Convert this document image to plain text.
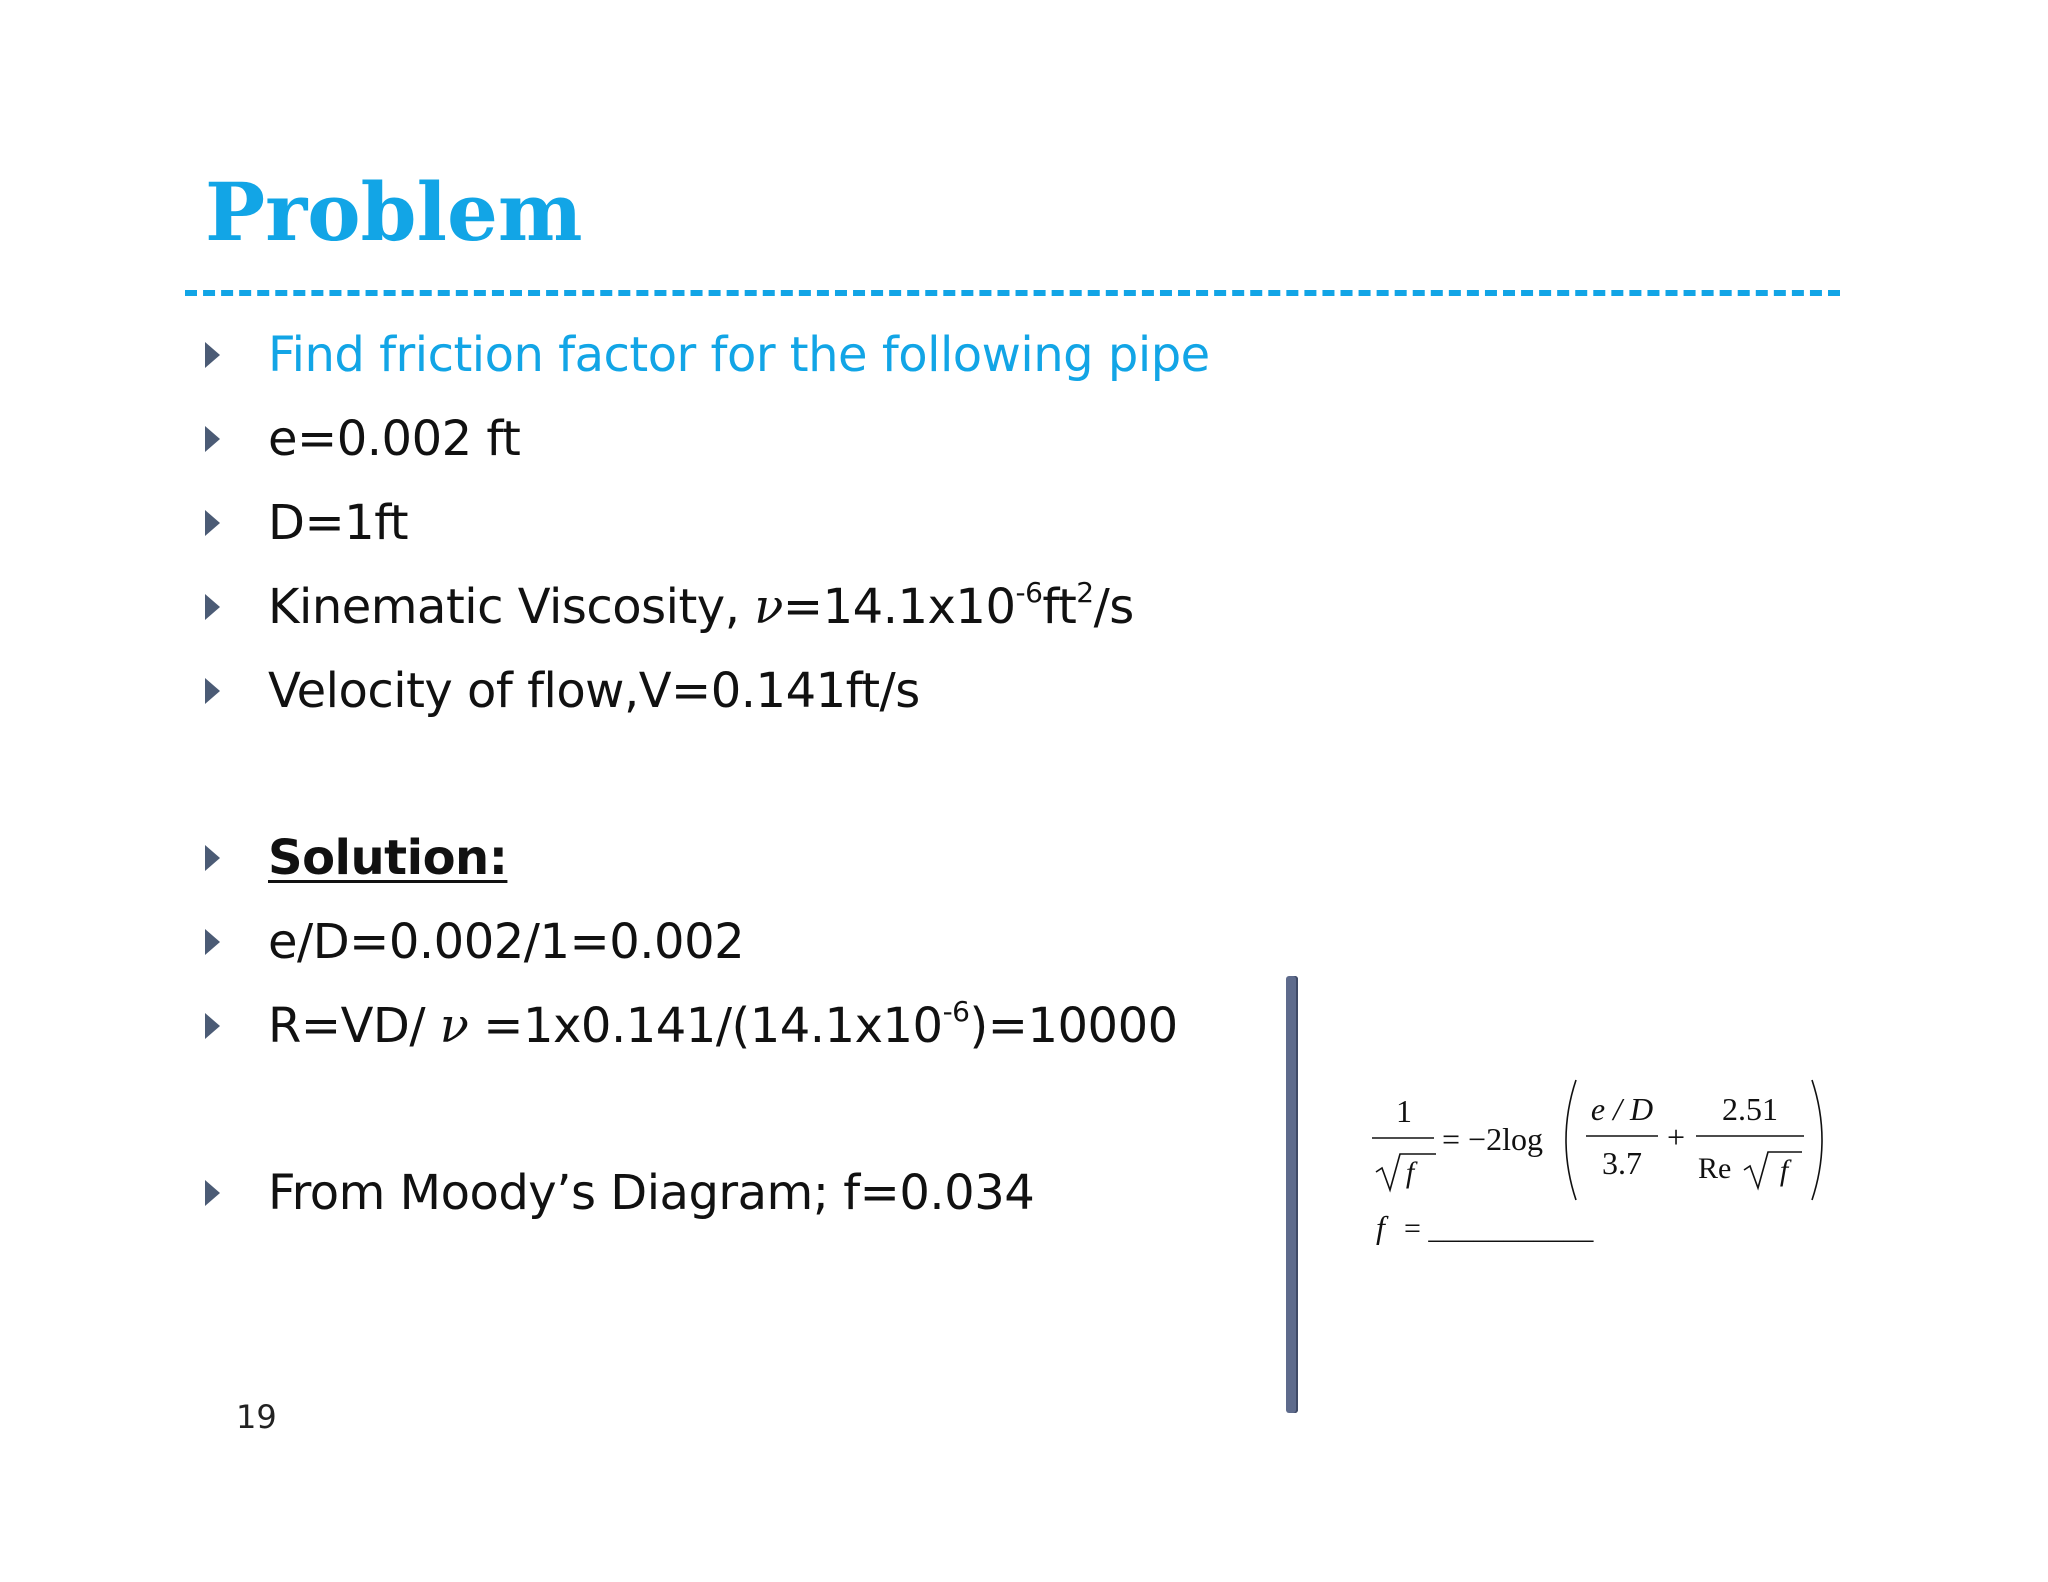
Problem
Find friction factor for the following pipe
e=0.002 ft
D=1ft
Kinematic Viscosity, $\nu=14.1x10^{-6}ft^2/s$
Velocity of flow,V=0.141ft/s
Solution:
e/D=0.002/1=0.002
R=VD/ $\nu =1x0.141/(14.1x10^{-6})=10000$
From Moody’s Diagram; f=0.034
1
f
= −2log
e / D
3.7
+
2.51
Re f
f = ___________
19
